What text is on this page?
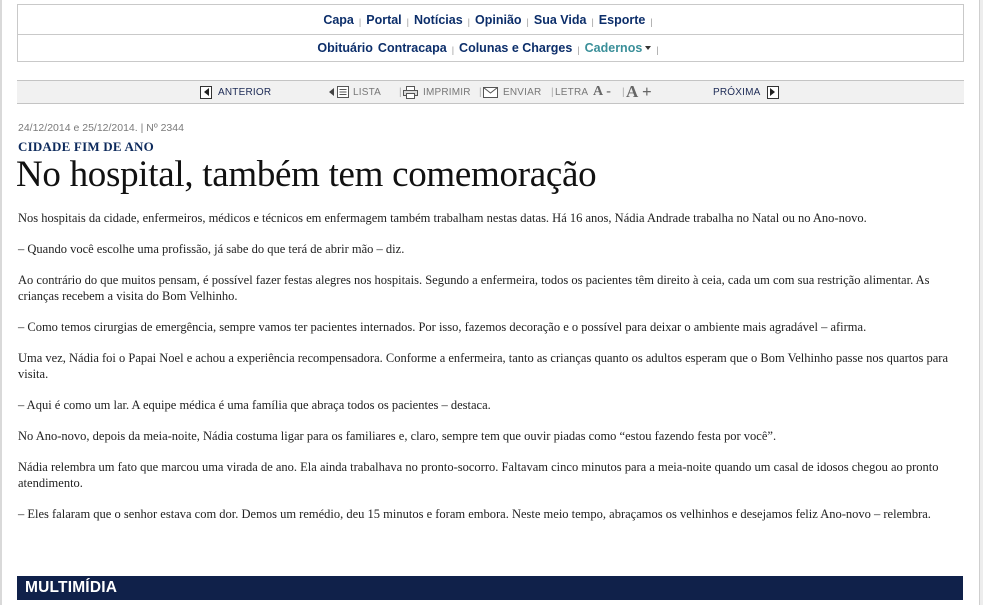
Capa | Portal | Notícias | Opinião | Sua Vida | Esporte |
Obituário Contracapa | Colunas e Charges | Cadernos	|
ANTERIOR	LISTA | IMPRIMIR | ENVIAR | LETRA A - | A +	PRÓXIMA
24/12/2014 e 25/12/2014. | Nº 2344
CIDADE FIM DE ANO
No hospital, também tem comemoração

Nos hospitais da cidade, enfermeiros, médicos e técnicos em enfermagem também trabalham nestas datas. Há 16 anos, Nádia Andrade trabalha no Natal ou no Ano-novo.

– Quando você escolhe uma profissão, já sabe do que terá de abrir mão – diz.

Ao contrário do que muitos pensam, é possível fazer festas alegres nos hospitais. Segundo a enfermeira, todos os pacientes têm direito à ceia, cada um com sua restrição alimentar. As crianças recebem a visita do Bom Velhinho.

– Como temos cirurgias de emergência, sempre vamos ter pacientes internados. Por isso, fazemos decoração e o possível para deixar o ambiente mais agradável – afirma.

Uma vez, Nádia foi o Papai Noel e achou a experiência recompensadora. Conforme a enfermeira, tanto as crianças quanto os adultos esperam que o Bom Velhinho passe nos quartos para visita.

– Aqui é como um lar. A equipe médica é uma família que abraça todos os pacientes – destaca.

No Ano-novo, depois da meia-noite, Nádia costuma ligar para os familiares e, claro, sempre tem que ouvir piadas como “estou fazendo festa por você”.

Nádia relembra um fato que marcou uma virada de ano. Ela ainda trabalhava no pronto-socorro. Faltavam cinco minutos para a meia-noite quando um casal de idosos chegou ao pronto atendimento.

– Eles falaram que o senhor estava com dor. Demos um remédio, deu 15 minutos e foram embora. Neste meio tempo, abraçamos os velhinhos e desejamos feliz Ano-novo – relembra.

MULTIMÍDIA
